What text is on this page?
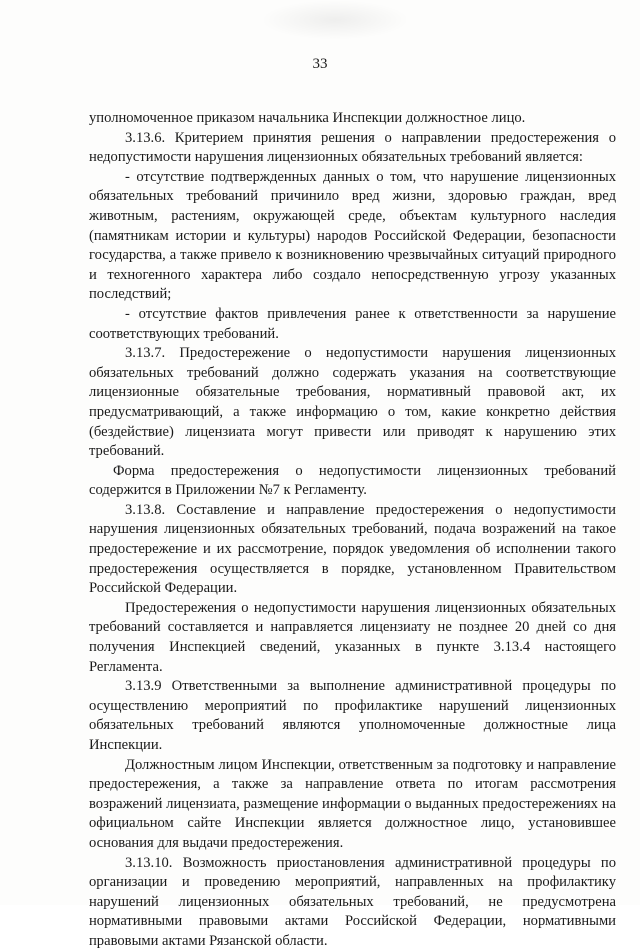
33

уполномоченное приказом начальника Инспекции должностное лицо.

3.13.6. Критерием принятия решения о направлении предостережения о недопустимости нарушения лицензионных обязательных требований является:

- отсутствие подтвержденных данных о том, что нарушение лицензионных обязательных требований причинило вред жизни, здоровью граждан, вред животным, растениям, окружающей среде, объектам культурного наследия (памятникам истории и культуры) народов Российской Федерации, безопасности государства, а также привело к возникновению чрезвычайных ситуаций природного и техногенного характера либо создало непосредственную угрозу указанных последствий;

- отсутствие фактов привлечения ранее к ответственности за нарушение соответствующих требований.

3.13.7. Предостережение о недопустимости нарушения лицензионных обязательных требований должно содержать указания на соответствующие лицензионные обязательные требования, нормативный правовой акт, их предусматривающий, а также информацию о том, какие конкретно действия (бездействие) лицензиата могут привести или приводят к нарушению этих требований.

Форма предостережения о недопустимости лицензионных требований содержится в Приложении №7 к Регламенту.

3.13.8. Составление и направление предостережения о недопустимости нарушения лицензионных обязательных требований, подача возражений на такое предостережение и их рассмотрение, порядок уведомления об исполнении такого предостережения осуществляется в порядке, установленном Правительством Российской Федерации.

Предостережения о недопустимости нарушения лицензионных обязательных требований составляется и направляется лицензиату не позднее 20 дней со дня получения Инспекцией сведений, указанных в пункте 3.13.4 настоящего Регламента.

3.13.9 Ответственными за выполнение административной процедуры по осуществлению мероприятий по профилактике нарушений лицензионных обязательных требований являются уполномоченные должностные лица Инспекции.

Должностным лицом Инспекции, ответственным за подготовку и направление предостережения, а также за направление ответа по итогам рассмотрения возражений лицензиата, размещение информации о выданных предостережениях на официальном сайте Инспекции является должностное лицо, установившее основания для выдачи предостережения.

3.13.10. Возможность приостановления административной процедуры по организации и проведению мероприятий, направленных на профилактику нарушений лицензионных обязательных требований, не предусмотрена нормативными правовыми актами Российской Федерации, нормативными правовыми актами Рязанской области.
